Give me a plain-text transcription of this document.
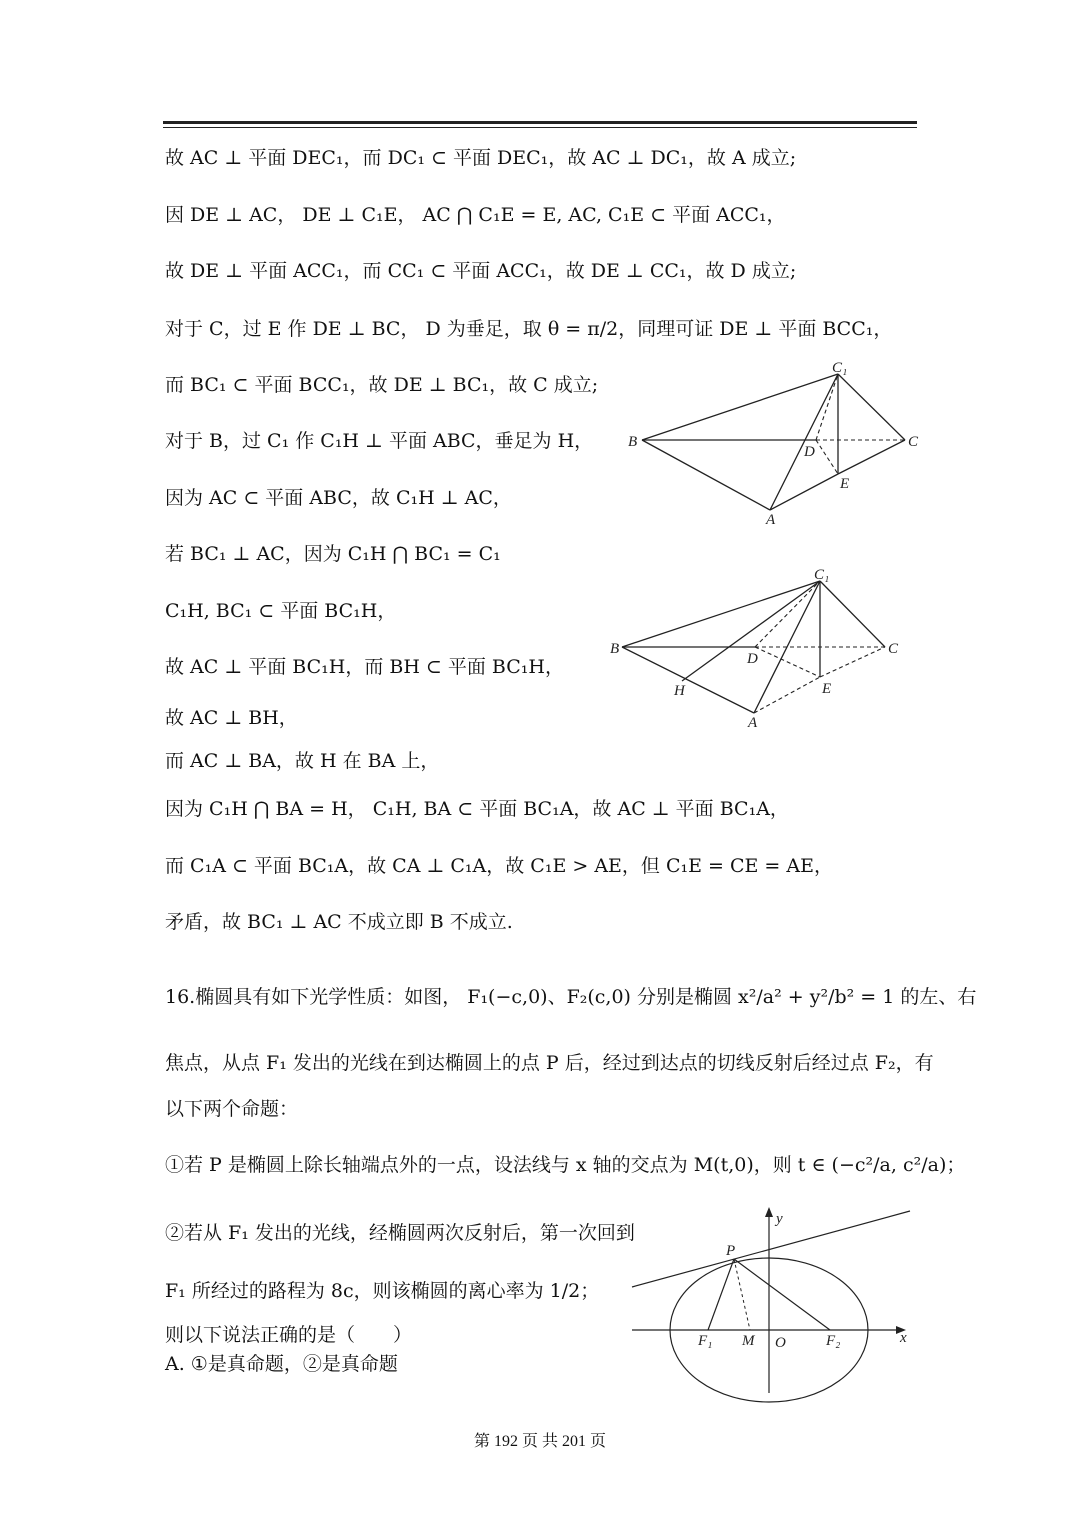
故 AC ⊥ 平面 DEC₁，而 DC₁ ⊂ 平面 DEC₁，故 AC ⊥ DC₁，故 A 成立;
因 DE ⊥ AC， DE ⊥ C₁E， AC ⋂ C₁E = E, AC, C₁E ⊂ 平面 ACC₁，
故 DE ⊥ 平面 ACC₁，而 CC₁ ⊂ 平面 ACC₁，故 DE ⊥ CC₁，故 D 成立;
对于 C，过 E 作 DE ⊥ BC， D 为垂足，取 θ = π/2，同理可证 DE ⊥ 平面 BCC₁，
而 BC₁ ⊂ 平面 BCC₁，故 DE ⊥ BC₁，故 C 成立;
对于 B，过 C₁ 作 C₁H ⊥ 平面 ABC，垂足为 H，
因为 AC ⊂ 平面 ABC，故 C₁H ⊥ AC，
若 BC₁ ⊥ AC，因为 C₁H ⋂ BC₁ = C₁
C₁H, BC₁ ⊂ 平面 BC₁H，
故 AC ⊥ 平面 BC₁H，而 BH ⊂ 平面 BC₁H，
故 AC ⊥ BH，
而 AC ⊥ BA，故 H 在 BA 上，
因为 C₁H ⋂ BA = H， C₁H, BA ⊂ 平面 BC₁A，故 AC ⊥ 平面 BC₁A，
而 C₁A ⊂ 平面 BC₁A，故 CA ⊥ C₁A，故 C₁E > AE，但 C₁E = CE = AE，
矛盾，故 BC₁ ⊥ AC 不成立即 B 不成立.
16.椭圆具有如下光学性质：如图， F₁(−c,0)、F₂(c,0) 分别是椭圆 x²/a² + y²/b² = 1 的左、右
焦点，从点 F₁ 发出的光线在到达椭圆上的点 P 后，经过到达点的切线反射后经过点 F₂，有
以下两个命题：
①若 P 是椭圆上除长轴端点外的一点，设法线与 x 轴的交点为 M(t,0)，则 t ∈ (−c²/a, c²/a)；
②若从 F₁ 发出的光线，经椭圆两次反射后，第一次回到
F₁ 所经过的路程为 8c，则该椭圆的离心率为 1/2；
则以下说法正确的是（　　）
A. ①是真命题，②是真命题
C₁
B	C
D
E
A
C₁
B	C
D
E
H
A
y
x
P
F₁ M O	F₂
第 192 页 共 201 页
